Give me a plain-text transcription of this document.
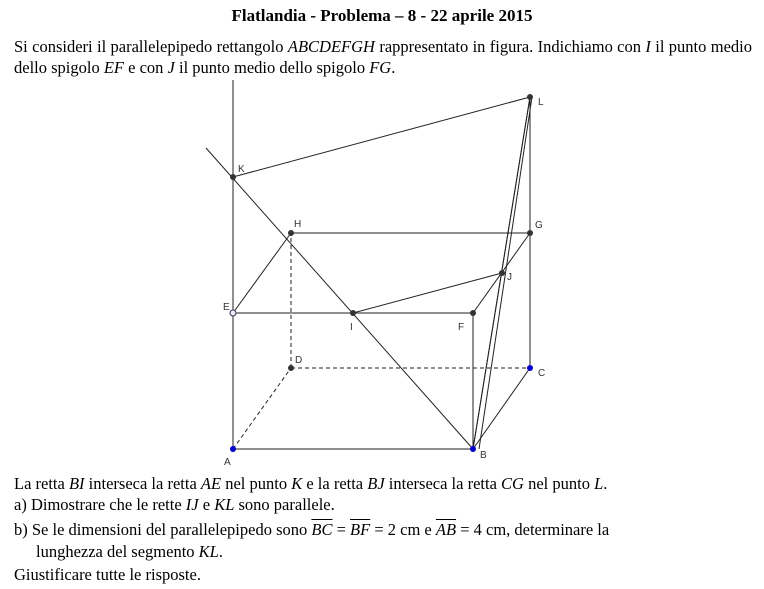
Flatlandia - Problema – 8 - 22 aprile 2015
Si consideri il parallelepipedo rettangolo ABCDEFGH rappresentato in figura. Indichiamo con I il punto medio dello spigolo EF e con J il punto medio dello spigolo FG.
K
L
H	G
J
E
I	F
D
C
A
B
La retta BI interseca la retta AE nel punto K e la retta BJ interseca la retta CG nel punto L.
a) Dimostrare che le rette IJ e KL sono parallele.
b) Se le dimensioni del parallelepipedo sono $\overline{BC} = \overline{BF} = 2$ cm e $\overline{AB} = 4$ cm, determinare la
lunghezza del segmento KL.
Giustificare tutte le risposte.
